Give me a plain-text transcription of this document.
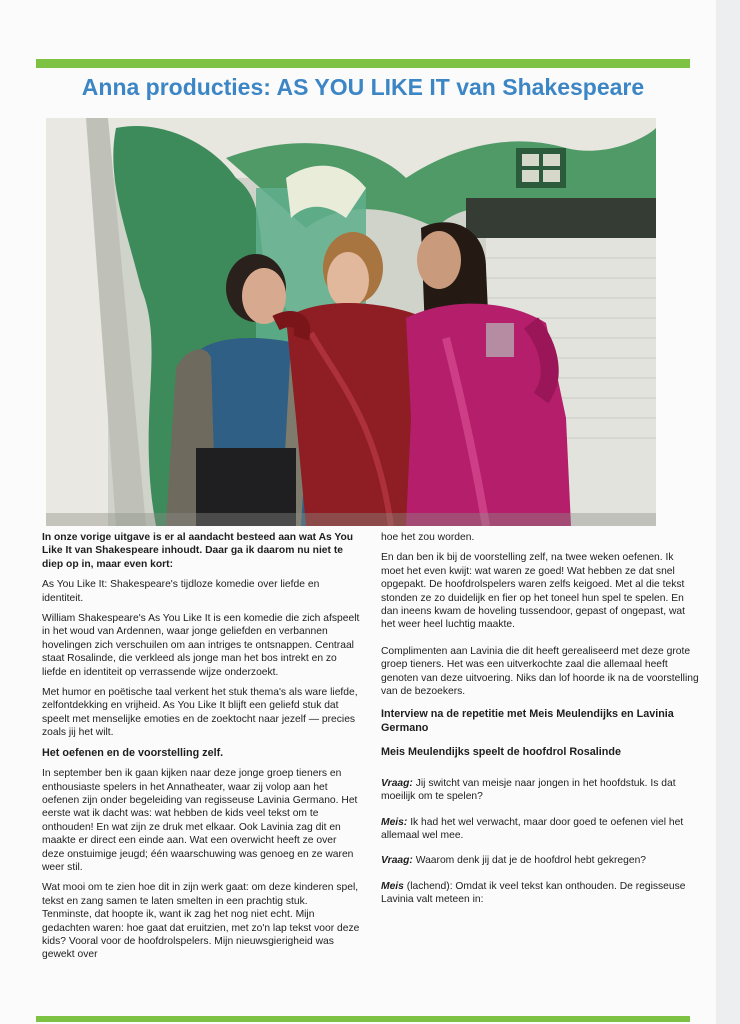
Anna producties: AS YOU LIKE IT van Shakespeare

In onze vorige uitgave is er al aandacht besteed aan wat As You Like It van Shakespeare inhoudt. Daar ga ik daarom nu niet te diep op in, maar even kort:

As You Like It: Shakespeare's tijdloze komedie over liefde en identiteit.

William Shakespeare's As You Like It is een komedie die zich afspeelt in het woud van Ardennen, waar jonge geliefden en verbannen hovelingen zich verschuilen om aan intriges te ontsnappen. Centraal staat Rosalinde, die verkleed als jonge man het bos intrekt en zo liefde en identiteit op verrassende wijze onderzoekt.

Met humor en poëtische taal verkent het stuk thema's als ware liefde, zelfontdekking en vrijheid. As You Like It blijft een geliefd stuk dat speelt met menselijke emoties en de zoektocht naar jezelf — precies zoals jij het wilt.

Het oefenen en de voorstelling zelf.

In september ben ik gaan kijken naar deze jonge groep tieners en enthousiaste spelers in het Annatheater, waar zij volop aan het oefenen zijn onder begeleiding van regisseuse Lavinia Germano. Het eerste wat ik dacht was: wat hebben de kids veel tekst om te onthouden! En wat zijn ze druk met elkaar. Ook Lavinia zag dit en maakte er direct een einde aan. Wat een overwicht heeft ze over deze onstuimige jeugd; één waarschuwing was genoeg en ze waren weer stil.

Wat mooi om te zien hoe dit in zijn werk gaat: om deze kinderen spel, tekst en zang samen te laten smelten in een prachtig stuk. Tenminste, dat hoopte ik, want ik zag het nog niet echt. Mijn gedachten waren: hoe gaat dat eruitzien, met zo'n lap tekst voor deze kids? Vooral voor de hoofdrolspelers. Mijn nieuwsgierigheid was gewekt over

hoe het zou worden.

En dan ben ik bij de voorstelling zelf, na twee weken oefenen. Ik moet het even kwijt: wat waren ze goed! Wat hebben ze dat snel opgepakt. De hoofdrolspelers waren zelfs keigoed. Met al die tekst stonden ze zo duidelijk en fier op het toneel hun spel te spelen. En dan ineens kwam de hoveling tussendoor, gepast of ongepast, wat het weer heel luchtig maakte.

Complimenten aan Lavinia die dit heeft gerealiseerd met deze grote groep tieners. Het was een uitverkochte zaal die allemaal heeft genoten van deze uitvoering. Niks dan lof hoorde ik na de voorstelling van de bezoekers.

Interview na de repetitie met Meis Meulendijks en Lavinia Germano

Meis Meulendijks speelt de hoofdrol Rosalinde

Vraag: Jij switcht van meisje naar jongen in het hoofdstuk. Is dat moeilijk om te spelen?

Meis: Ik had het wel verwacht, maar door goed te oefenen viel het allemaal wel mee.

Vraag: Waarom denk jij dat je de hoofdrol hebt gekregen?

Meis (lachend): Omdat ik veel tekst kan onthouden. De regisseuse Lavinia valt meteen in:
